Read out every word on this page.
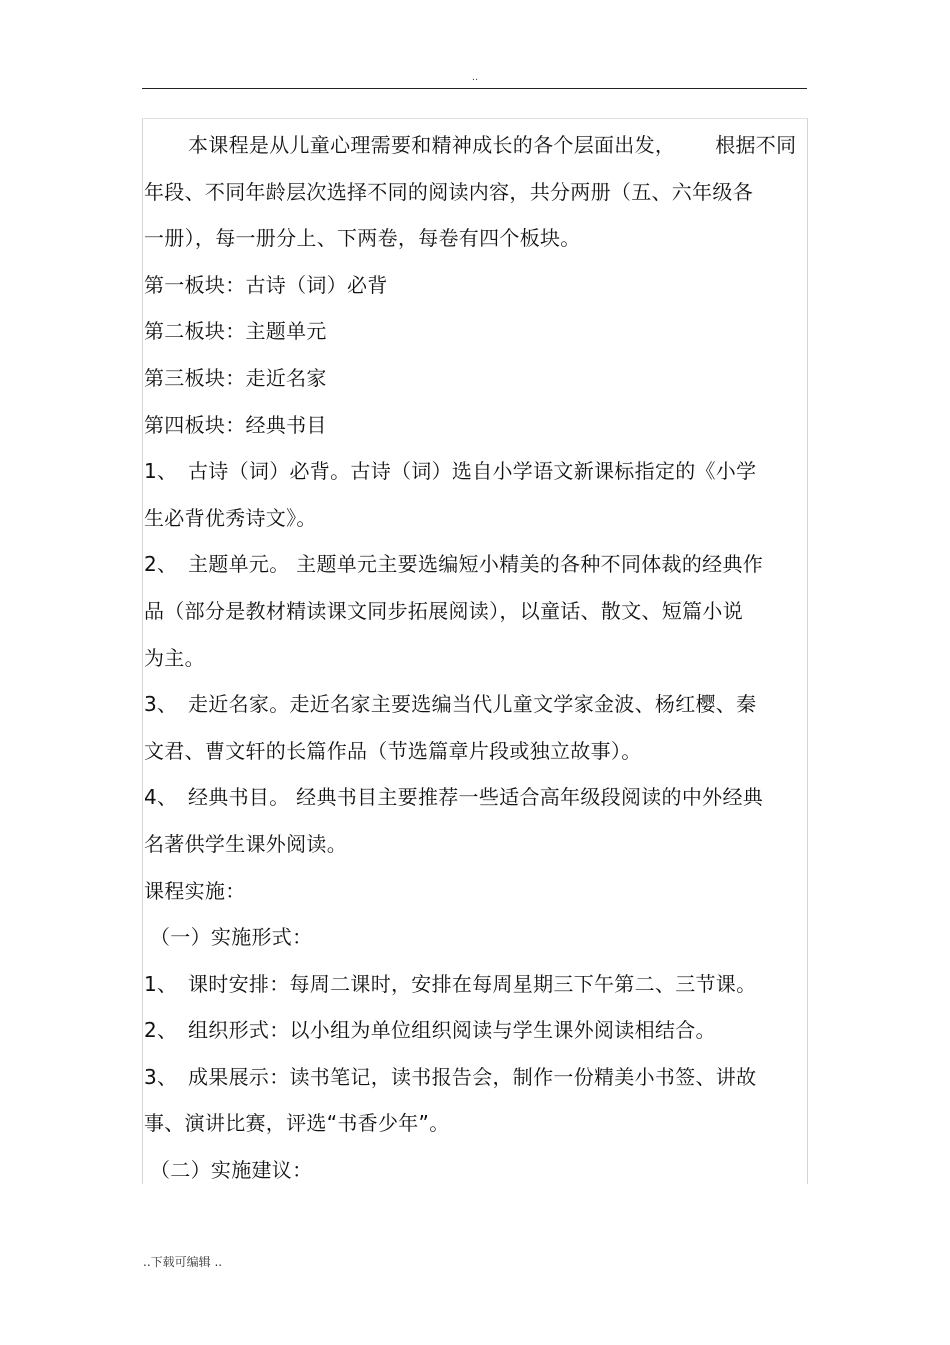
..
本课程是从儿童心理需要和精神成长的各个层面出发， 根据不同
年段、不同年龄层次选择不同的阅读内容，共分两册（五、六年级各
一册），每一册分上、下两卷，每卷有四个板块。
第一板块：古诗（词）必背
第二板块：主题单元
第三板块：走近名家
第四板块：经典书目
1、 古诗（词）必背。古诗（词）选自小学语文新课标指定的《小学
生必背优秀诗文》。
2、 主题单元。 主题单元主要选编短小精美的各种不同体裁的经典作
品（部分是教材精读课文同步拓展阅读），以童话、散文、短篇小说
为主。
3、 走近名家。走近名家主要选编当代儿童文学家金波、杨红樱、秦
文君、曹文轩的长篇作品（节选篇章片段或独立故事）。
4、 经典书目。 经典书目主要推荐一些适合高年级段阅读的中外经典
名著供学生课外阅读。
课程实施：
（一）实施形式：
1、 课时安排：每周二课时，安排在每周星期三下午第二、三节课。
2、 组织形式：以小组为单位组织阅读与学生课外阅读相结合。
3、 成果展示：读书笔记，读书报告会，制作一份精美小书签、讲故
事、演讲比赛，评选“书香少年”。
（二）实施建议：
..下载可编辑 ..
